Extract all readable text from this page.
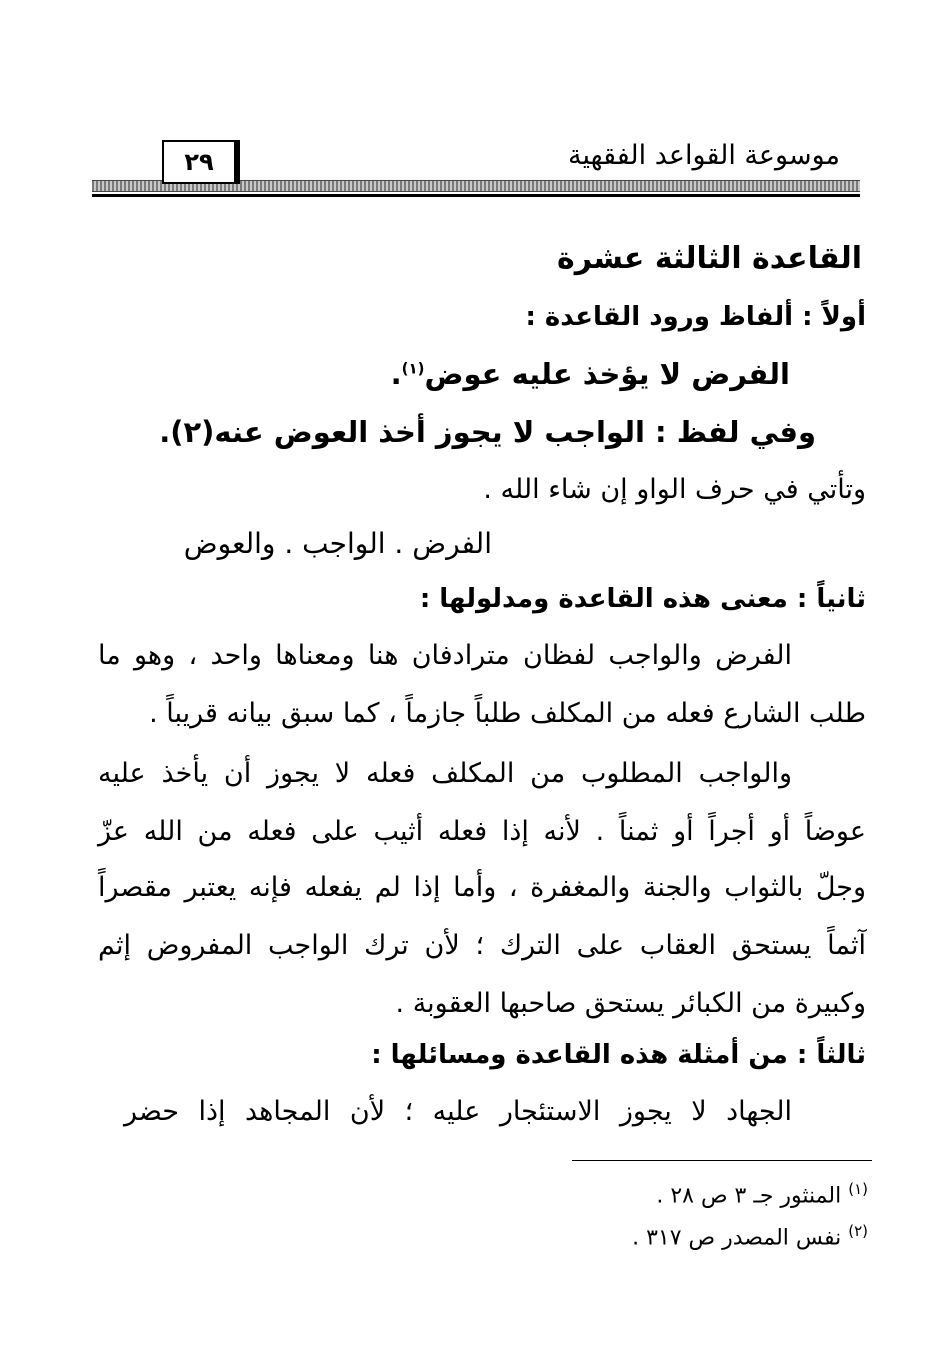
موسوعة القواعد الفقهية
٢٩
القاعدة الثالثة عشرة
أولاً : ألفاظ ورود القاعدة :
الفرض لا يؤخذ عليه عوض$^{(١)}$.
وفي لفظ : الواجب لا يجوز أخذ العوض عنه(٢).
وتأتي في حرف الواو إن شاء الله .
الفرض . الواجب . والعوض
ثانياً : معنى هذه القاعدة ومدلولها :
الفرض والواجب لفظان مترادفان هنا ومعناها واحد ، وهو ما
طلب الشارع فعله من المكلف طلباً جازماً ، كما سبق بيانه قريباً .
والواجب المطلوب من المكلف فعله لا يجوز أن يأخذ عليه
عوضاً أو أجراً أو ثمناً . لأنه إذا فعله أثيب على فعله من الله عزّ
وجلّ بالثواب والجنة والمغفرة ، وأما إذا لم يفعله فإنه يعتبر مقصراً
آثماً يستحق العقاب على الترك ؛ لأن ترك الواجب المفروض إثم
وكبيرة من الكبائر يستحق صاحبها العقوبة .
ثالثاً : من أمثلة هذه القاعدة ومسائلها :
الجهاد لا يجوز الاستئجار عليه ؛ لأن المجاهد إذا حضر
$^{(١)}$ المنثور جـ ٣ ص ٢٨ .
$^{(٢)}$ نفس المصدر ص ٣١٧ .
